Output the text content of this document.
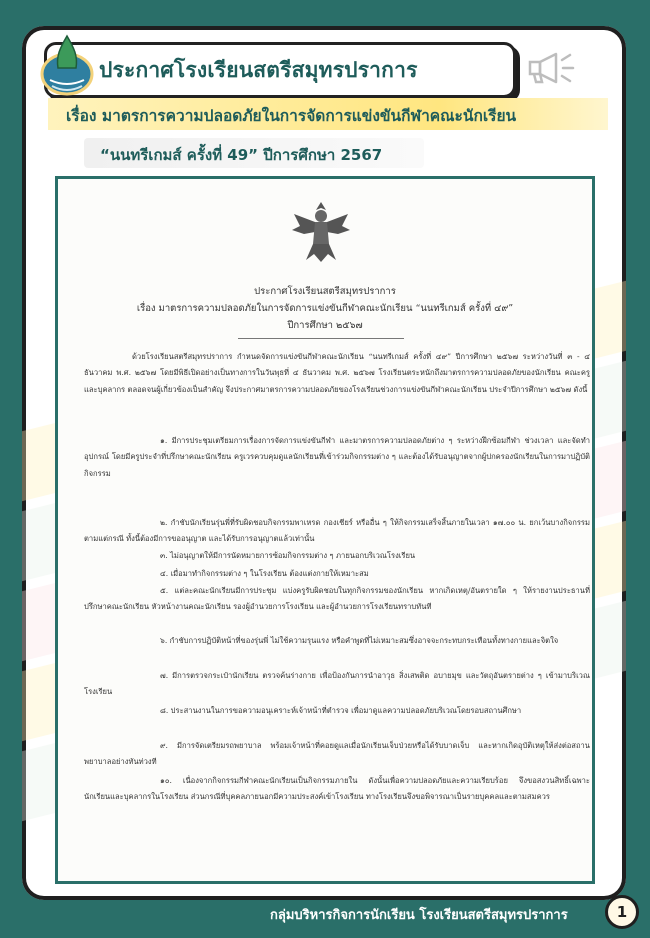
ประกาศโรงเรียนสตรีสมุทรปราการ
เรื่อง มาตรการความปลอดภัยในการจัดการแข่งขันกีฬาคณะนักเรียน
“นนทรีเกมส์ ครั้งที่ 49” ปีการศึกษา 2567
ประกาศโรงเรียนสตรีสมุทรปราการ
เรื่อง มาตรการความปลอดภัยในการจัดการแข่งขันกีฬาคณะนักเรียน “นนทรีเกมส์ ครั้งที่ ๔๙”
ปีการศึกษา ๒๕๖๗
ด้วยโรงเรียนสตรีสมุทรปราการ กำหนดจัดการแข่งขันกีฬาคณะนักเรียน “นนทรีเกมส์ ครั้งที่ ๔๙” ปีการศึกษา ๒๕๖๗ ระหว่างวันที่ ๓ - ๔ ธันวาคม พ.ศ. ๒๕๖๗ โดยมีพิธีเปิดอย่างเป็นทางการในวันพุธที่ ๔ ธันวาคม พ.ศ. ๒๕๖๗ โรงเรียนตระหนักถึงมาตรการความปลอดภัยของนักเรียน คณะครูและบุคลากร ตลอดจนผู้เกี่ยวข้องเป็นสำคัญ จึงประกาศมาตรการความปลอดภัยของโรงเรียนช่วงการแข่งขันกีฬาคณะนักเรียน ประจำปีการศึกษา ๒๕๖๗ ดังนี้
๑. มีการประชุมเตรียมการเรื่องการจัดการแข่งขันกีฬา และมาตรการความปลอดภัยต่าง ๆ ระหว่างฝึกซ้อมกีฬา ช่วงเวลา และจัดทำอุปกรณ์ โดยมีครูประจำที่ปรึกษาคณะนักเรียน ครูเวรควบคุมดูแลนักเรียนที่เข้าร่วมกิจกรรมต่าง ๆ และต้องได้รับอนุญาตจากผู้ปกครองนักเรียนในการมาปฏิบัติกิจกรรม
๒. กำชับนักเรียนรุ่นพี่ที่รับผิดชอบกิจกรรมพาเหรด กองเชียร์ หรืออื่น ๆ ให้กิจกรรมเสร็จสิ้นภายในเวลา ๑๗.๐๐ น. ยกเว้นบางกิจกรรมตามแต่กรณี ทั้งนี้ต้องมีการขออนุญาต และได้รับการอนุญาตแล้วเท่านั้น
๓. ไม่อนุญาตให้มีการนัดหมายการซ้อมกิจกรรมต่าง ๆ ภายนอกบริเวณโรงเรียน
๔. เมื่อมาทำกิจกรรมต่าง ๆ ในโรงเรียน ต้องแต่งกายให้เหมาะสม
๕. แต่ละคณะนักเรียนมีการประชุม แบ่งครูรับผิดชอบในทุกกิจกรรมของนักเรียน หากเกิดเหตุ/อันตรายใด ๆ ให้รายงานประธานที่ปรึกษาคณะนักเรียน หัวหน้างานคณะนักเรียน รองผู้อำนวยการโรงเรียน และผู้อำนวยการโรงเรียนทราบทันที
๖. กำชับการปฏิบัติหน้าที่ของรุ่นพี่ ไม่ใช้ความรุนแรง หรือคำพูดที่ไม่เหมาะสมซึ่งอาจจะกระทบกระเทือนทั้งทางกายและจิตใจ
๗. มีการตรวจกระเป๋านักเรียน ตรวจค้นร่างกาย เพื่อป้องกันการนำอาวุธ สิ่งเสพติด อบายมุข และวัตถุอันตรายต่าง ๆ เข้ามาบริเวณโรงเรียน
๘. ประสานงานในการขอความอนุเคราะห์เจ้าหน้าที่ตำรวจ เพื่อมาดูแลความปลอดภัยบริเวณโดยรอบสถานศึกษา
๙. มีการจัดเตรียมรถพยาบาล พร้อมเจ้าหน้าที่คอยดูแลเมื่อนักเรียนเจ็บป่วยหรือได้รับบาดเจ็บ และหากเกิดอุบัติเหตุให้ส่งต่อสถานพยาบาลอย่างทันท่วงที
๑๐. เนื่องจากกิจกรรมกีฬาคณะนักเรียนเป็นกิจกรรมภายใน ดังนั้นเพื่อความปลอดภัยและความเรียบร้อย จึงขอสงวนสิทธิ์เฉพาะนักเรียนและบุคลากรในโรงเรียน ส่วนกรณีที่บุคคลภายนอกมีความประสงค์เข้าโรงเรียน ทางโรงเรียนจึงขอพิจารณาเป็นรายบุคคลและตามสมควร
กลุ่มบริหารกิจการนักเรียน โรงเรียนสตรีสมุทรปราการ	1
